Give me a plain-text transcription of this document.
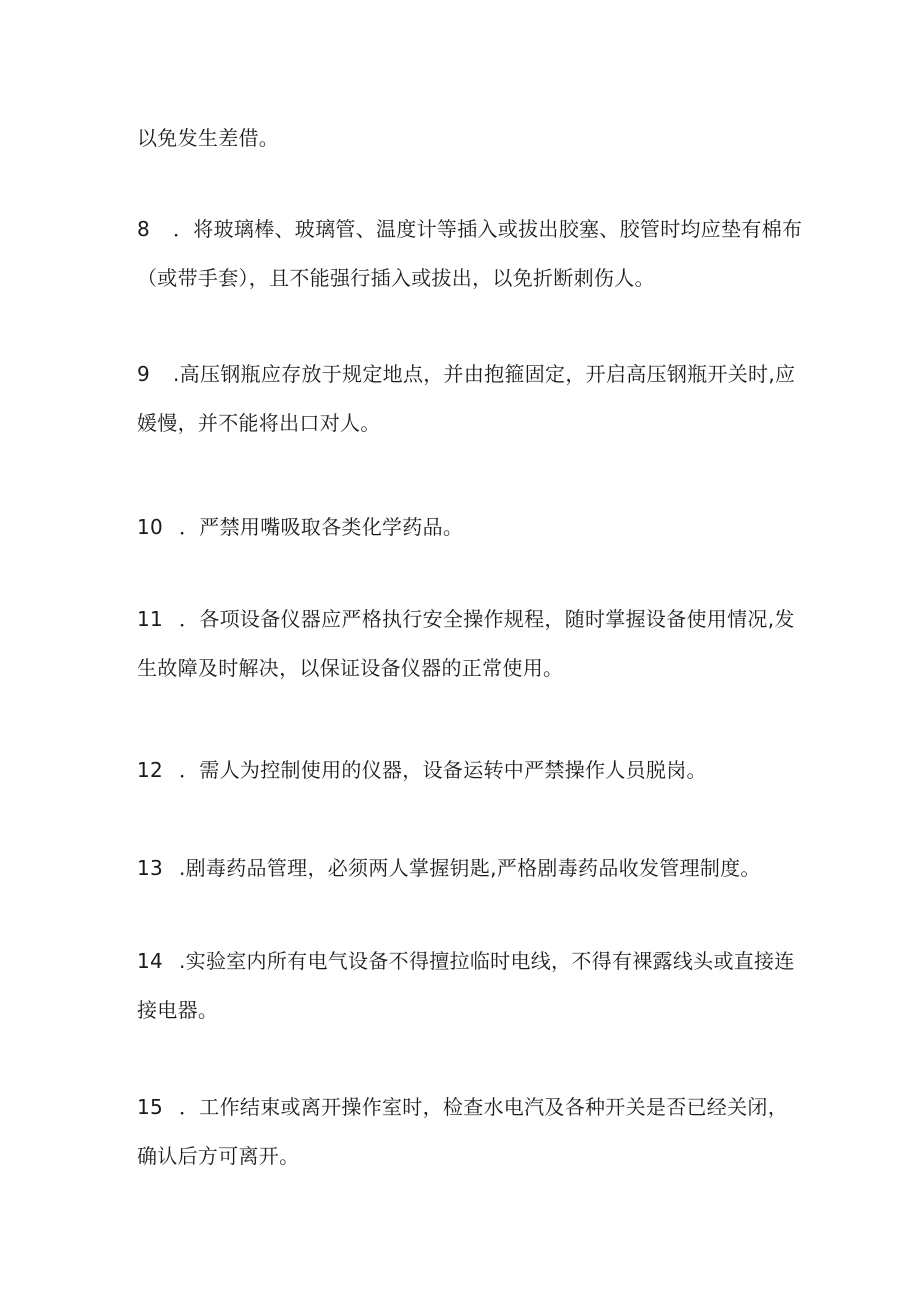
以免发生差借。
8 ．将玻璃棒、玻璃管、温度计等插入或拔出胶塞、胶管时均应垫有棉布
（或带手套），且不能强行插入或拔出，以免折断刺伤人。
9 .高压钢瓶应存放于规定地点，并由抱箍固定，开启高压钢瓶开关时,应
媛慢，并不能将出口对人。
10 ．严禁用嘴吸取各类化学药品。
11 ．各项设备仪器应严格执行安全操作规程，随时掌握设备使用情况,发
生故障及时解决，以保证设备仪器的正常使用。
12 ．需人为控制使用的仪器，设备运转中严禁操作人员脱岗。
13 .剧毒药品管理，必须两人掌握钥匙,严格剧毒药品收发管理制度。
14 .实验室内所有电气设备不得擅拉临时电线，不得有裸露线头或直接连
接电器。
15 ．工作结束或离开操作室时，检查水电汽及各种开关是否已经关闭，
确认后方可离开。
